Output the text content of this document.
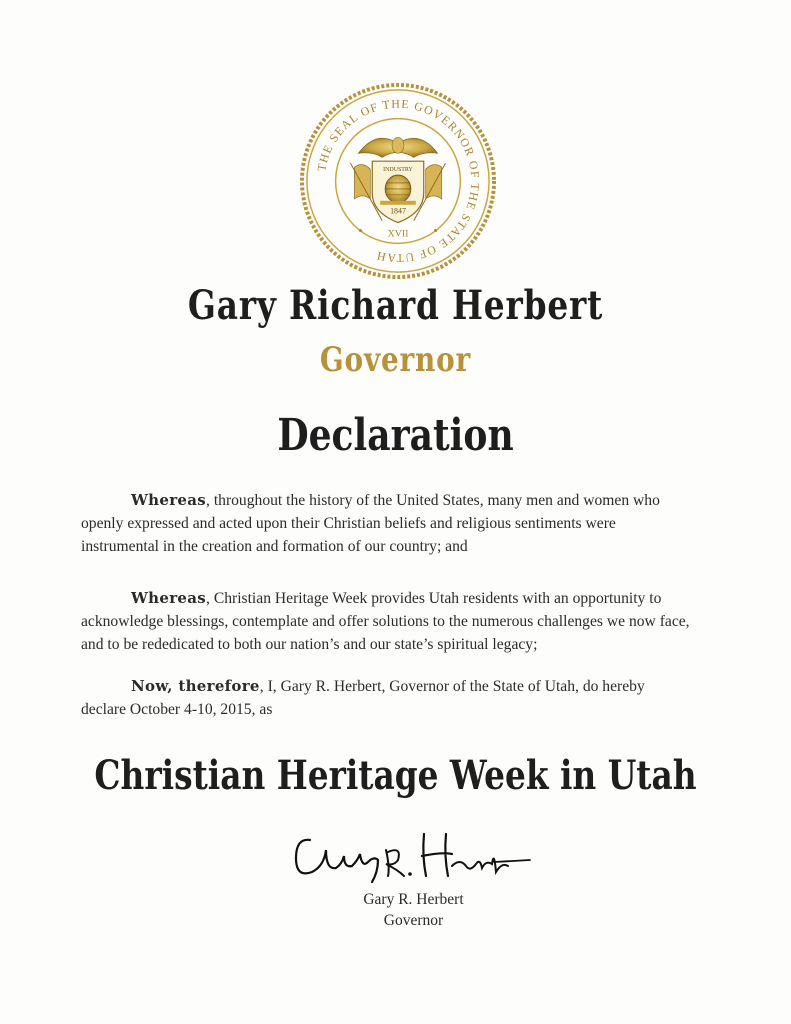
THE SEAL OF THE GOVERNOR OF THE STATE OF UTAH
INDUSTRY
1847
XVII
Gary Richard Herbert
Governor
Declaration
Whereas, throughout the history of the United States, many men and women who openly expressed and acted upon their Christian beliefs and religious sentiments were instrumental in the creation and formation of our country; and
Whereas, Christian Heritage Week provides Utah residents with an opportunity to acknowledge blessings, contemplate and offer solutions to the numerous challenges we now face, and to be rededicated to both our nation’s and our state’s spiritual legacy;
Now, therefore, I, Gary R. Herbert, Governor of the State of Utah, do hereby declare October 4-10, 2015, as
Christian Heritage Week in Utah
Gary R. Herbert
Governor
